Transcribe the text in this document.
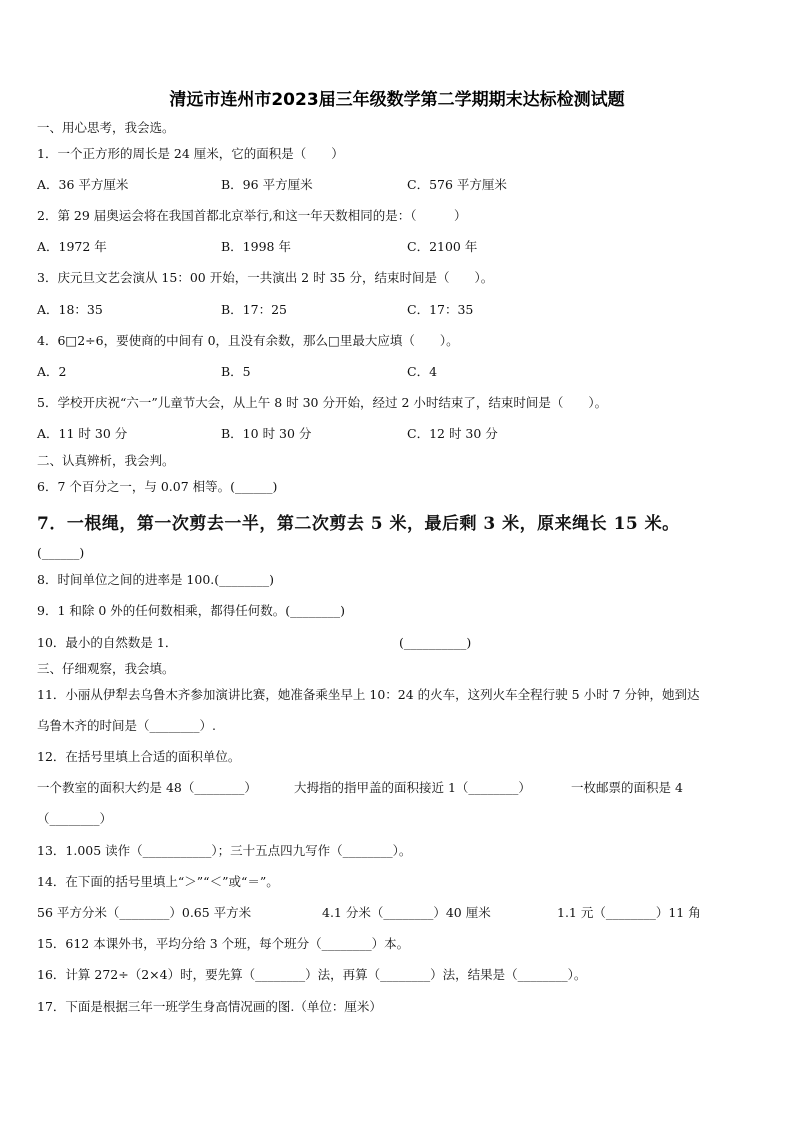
清远市连州市2023届三年级数学第二学期期末达标检测试题
一、用心思考，我会选。
1．一个正方形的周长是 24 厘米，它的面积是（　　）
A．36 平方厘米	B．96 平方厘米	C．576 平方厘米
2．第 29 届奥运会将在我国首都北京举行,和这一年天数相同的是：（　　　）
A．1972 年	B．1998 年	C．2100 年
3．庆元旦文艺会演从 15：00 开始，一共演出 2 时 35 分，结束时间是（　　）。
A．18：35	B．17：25	C．17：35
4．6□2÷6，要使商的中间有 0，且没有余数，那么□里最大应填（　　）。
A．2	B．5	C．4
5．学校开庆祝“六一”儿童节大会，从上午 8 时 30 分开始，经过 2 小时结束了，结束时间是（　　）。
A．11 时 30 分	B．10 时 30 分	C．12 时 30 分
二、认真辨析，我会判。
6．7 个百分之一，与 0.07 相等。(______)
7．一根绳，第一次剪去一半，第二次剪去 5 米，最后剩 3 米，原来绳长 15 米。
(______)
8．时间单位之间的进率是 100.(________)
9．1 和除 0 外的任何数相乘，都得任何数。(________)
10．最小的自然数是 1．	(__________)
三、仔细观察，我会填。
11．小丽从伊犁去乌鲁木齐参加演讲比赛，她准备乘坐早上 10：24 的火车，这列火车全程行驶 5 小时 7 分钟，她到达
乌鲁木齐的时间是（________）.
12．在括号里填上合适的面积单位。
一个教室的面积大约是 48（________）	大拇指的指甲盖的面积接近 1（________）	一枚邮票的面积是 4
（________）
13．1.005 读作（___________）；三十五点四九写作（________）。
14．在下面的括号里填上“＞”“＜”或“＝”。
56 平方分米（________）0.65 平方米	4.1 分米（________）40 厘米	1.1 元（________）11 角
15．612 本课外书，平均分给 3 个班，每个班分（________）本。
16．计算 272÷（2×4）时，要先算（________）法，再算（________）法，结果是（________）。
17．下面是根据三年一班学生身高情况画的图.（单位：厘米）
